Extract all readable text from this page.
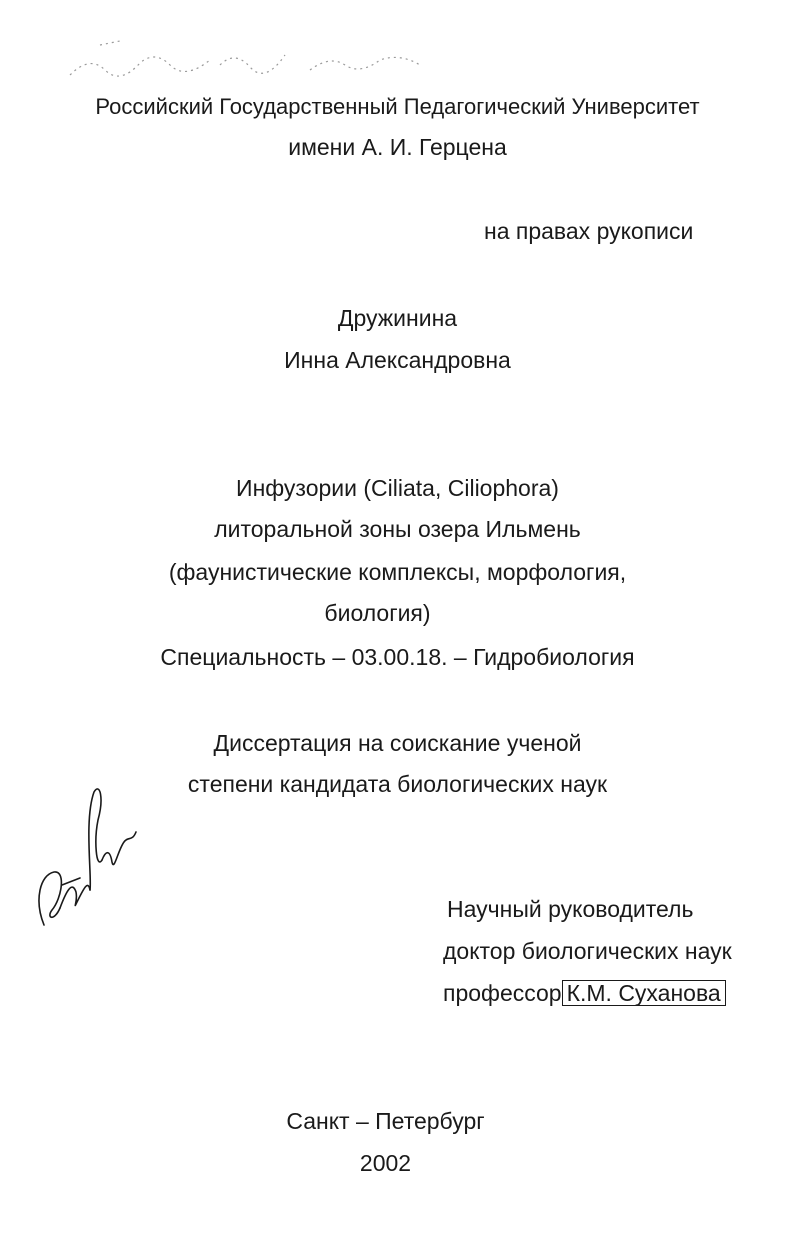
Российский Государственный Педагогический Университет
имени А. И. Герцена
на правах рукописи
Дружинина
Инна Александровна
Инфузории (Ciliata, Ciliophora)
литоральной зоны озера Ильмень
(фаунистические комплексы, морфология,
биология)
Специальность – 03.00.18. – Гидробиология
Диссертация на соискание ученой
степени кандидата биологических наук
Научный руководитель
доктор биологических наук
профессор К.М. Суханова
Санкт – Петербург
2002
